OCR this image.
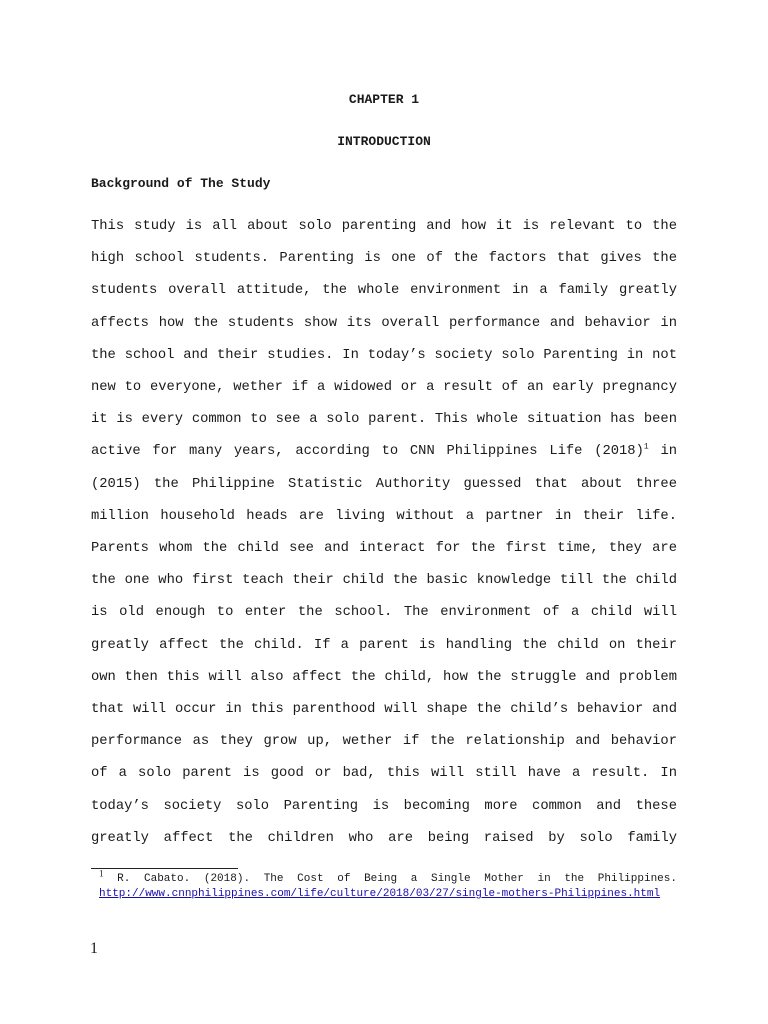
CHAPTER 1
INTRODUCTION
Background of The Study
This study is all about solo parenting and how it is relevant to the
high school students. Parenting is one of the factors that gives the
students overall attitude, the whole environment in a family greatly
affects how the students show its overall performance and behavior in
the school and their studies. In today’s society solo Parenting in not
new to everyone, wether if a widowed or a result of an early pregnancy
it is every common to see a solo parent. This whole situation has been
active for many years, according to CNN Philippines Life (2018)$^1$ in
(2015) the Philippine Statistic Authority guessed that about three
million household heads are living without a partner in their life.
Parents whom the child see and interact for the first time, they are
the one who first teach their child the basic knowledge till the child
is old enough to enter the school. The environment of a child will
greatly affect the child. If a parent is handling the child on their
own then this will also affect the child, how the struggle and problem
that will occur in this parenthood will shape the child’s behavior and
performance as they grow up, wether if the relationship and behavior
of a solo parent is good or bad, this will still have a result. In
today’s society solo Parenting is becoming more common and these
greatly affect the children who are being raised by solo family
$^1$ R. Cabato. (2018). The Cost of Being a Single Mother in the Philippines.
http://www.cnnphilippines.com/life/culture/2018/03/27/single-mothers-Philippines.html
1
